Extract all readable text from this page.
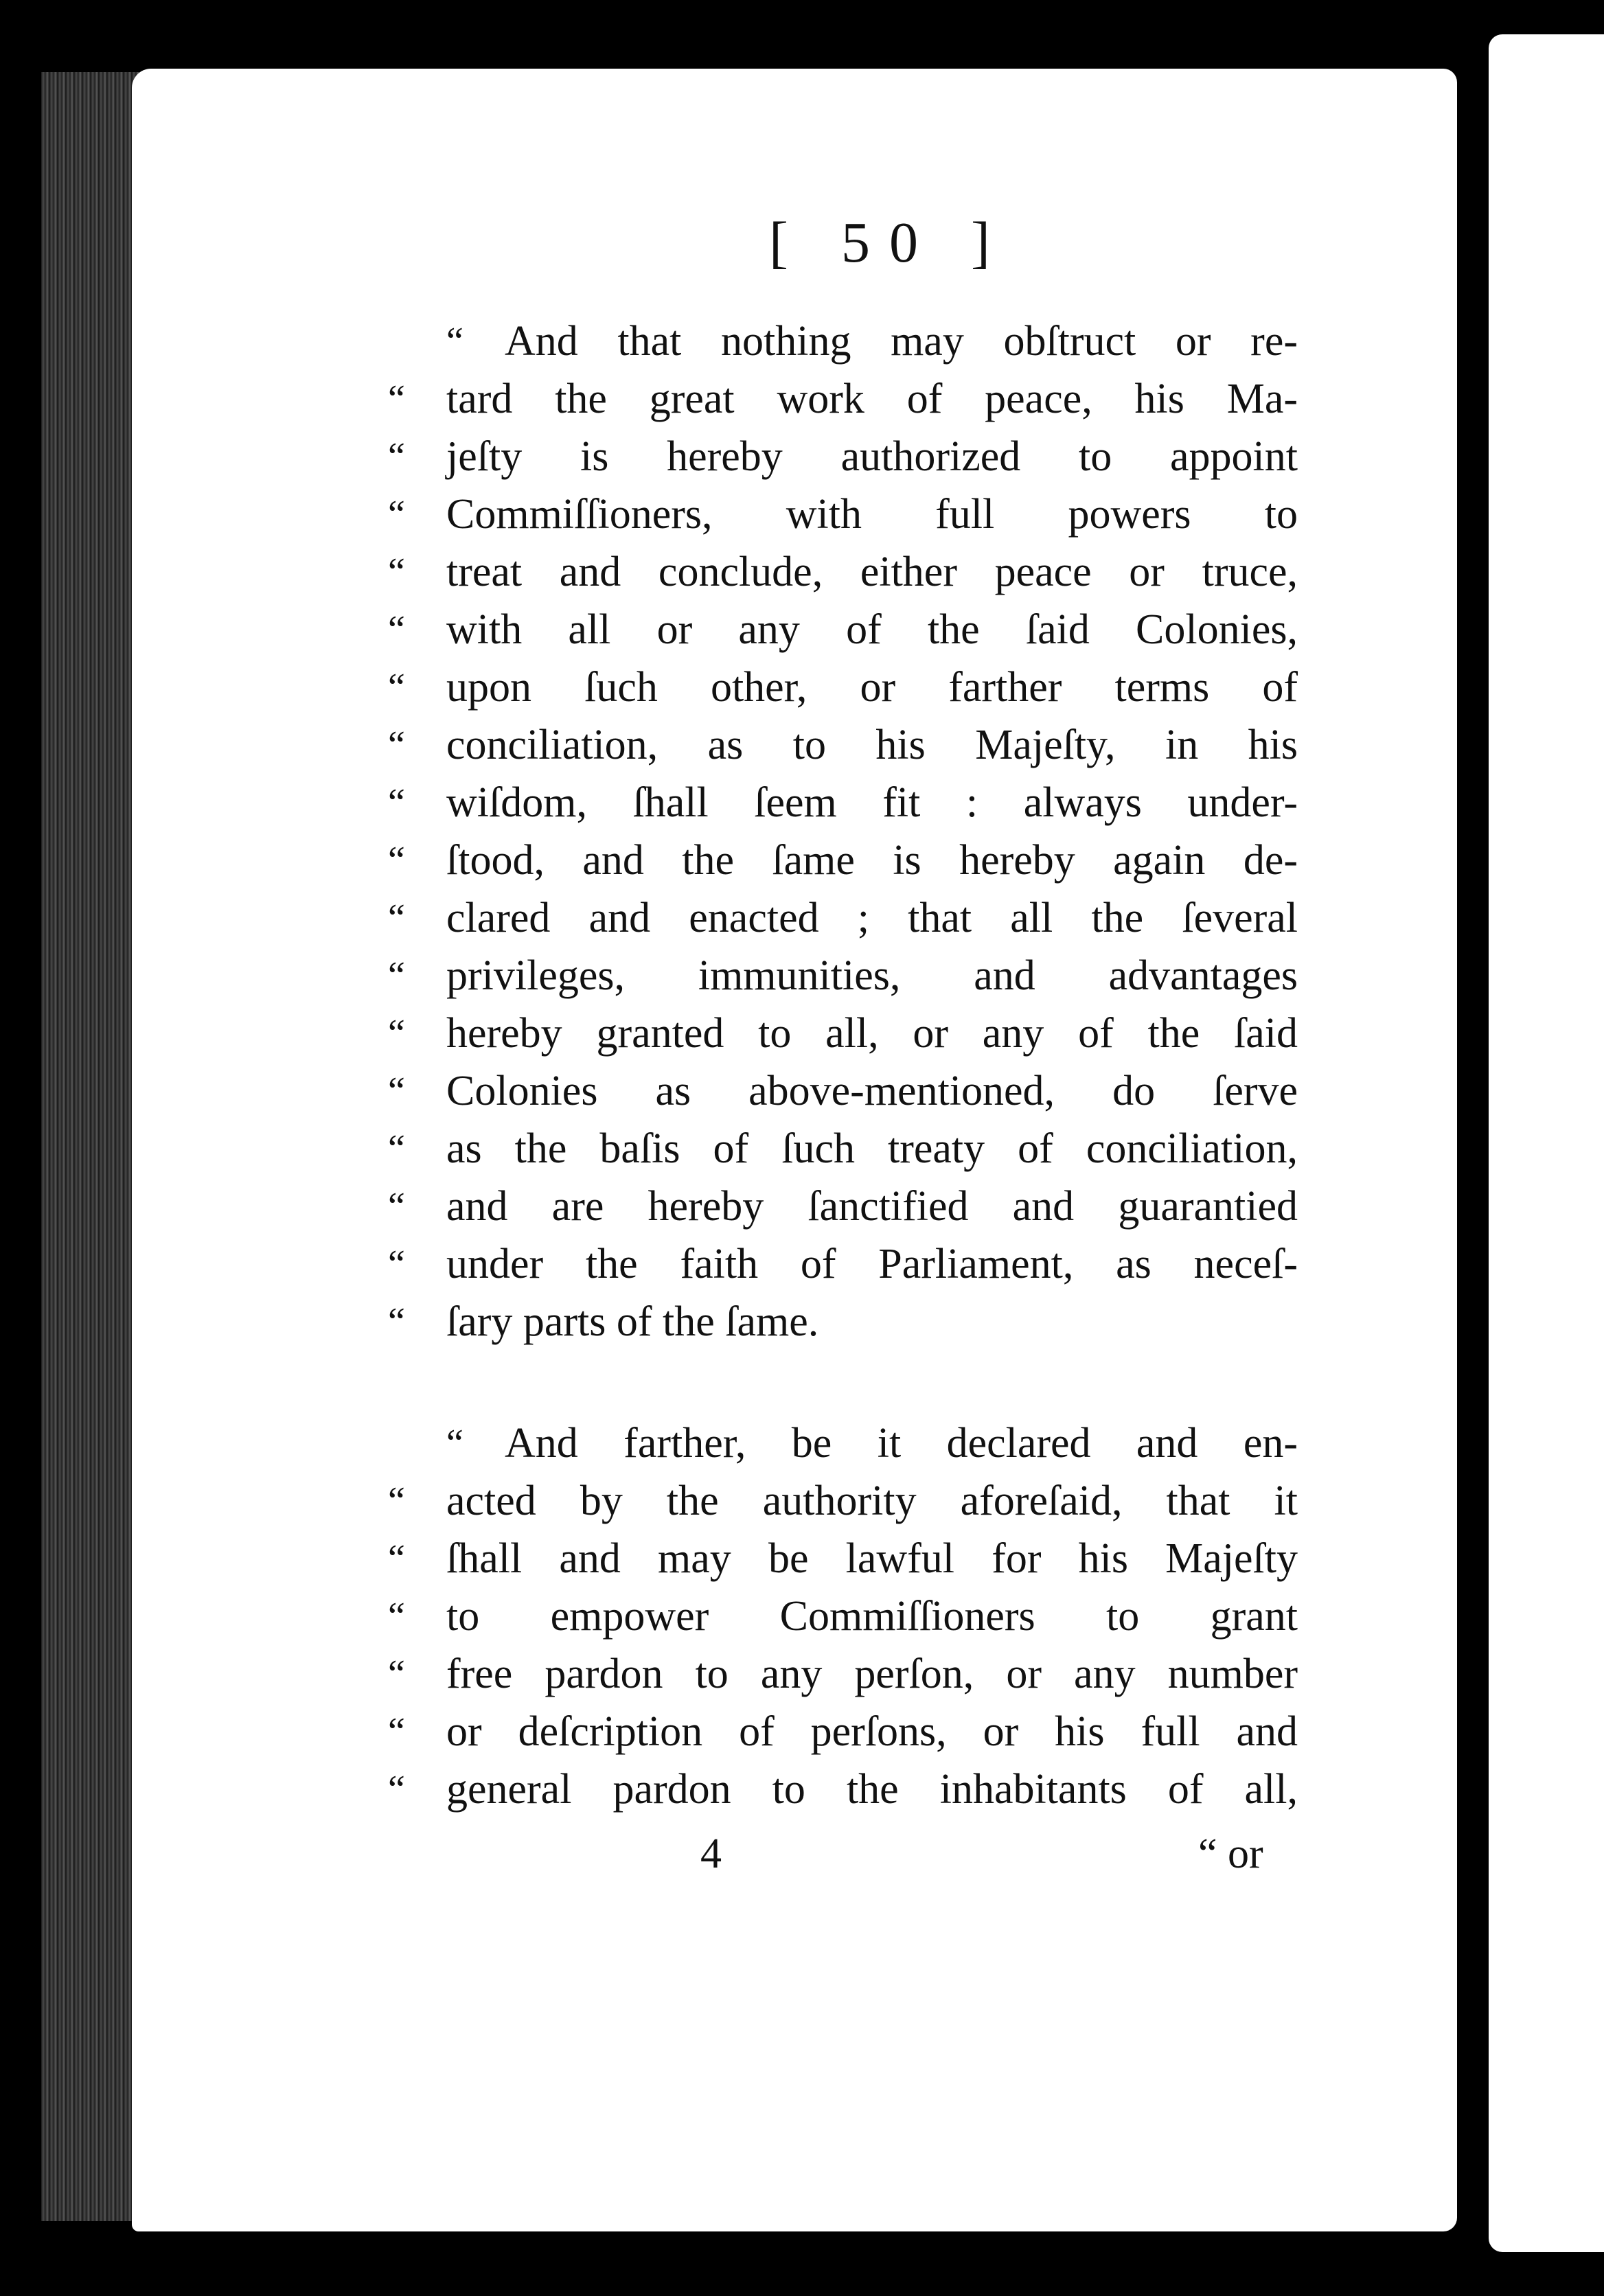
[ 50 ]
“ And that nothing may obſtruct or re-
“ tard the great work of peace, his Ma-
“ jeſty is hereby authorized to appoint
“ Commiſſioners, with full powers to
“ treat and conclude, either peace or truce,
“ with all or any of the ſaid Colonies,
“ upon ſuch other, or farther terms of
“ conciliation, as to his Majeſty, in his
“ wiſdom, ſhall ſeem fit : always under-
“ ſtood, and the ſame is hereby again de-
“ clared and enacted ; that all the ſeveral
“ privileges, immunities, and advantages
“ hereby granted to all, or any of the ſaid
“ Colonies as above-mentioned, do ſerve
“ as the baſis of ſuch treaty of conciliation,
“ and are hereby ſanctified and guarantied
“ under the faith of Parliament, as neceſ-
“ ſary parts of the ſame.
“ And farther, be it declared and en-
“ acted by the authority aforeſaid, that it
“ ſhall and may be lawful for his Majeſty
“ to empower Commiſſioners to grant
“ free pardon to any perſon, or any number
“ or deſcription of perſons, or his full and
“ general pardon to the inhabitants of all,
4	“ or
